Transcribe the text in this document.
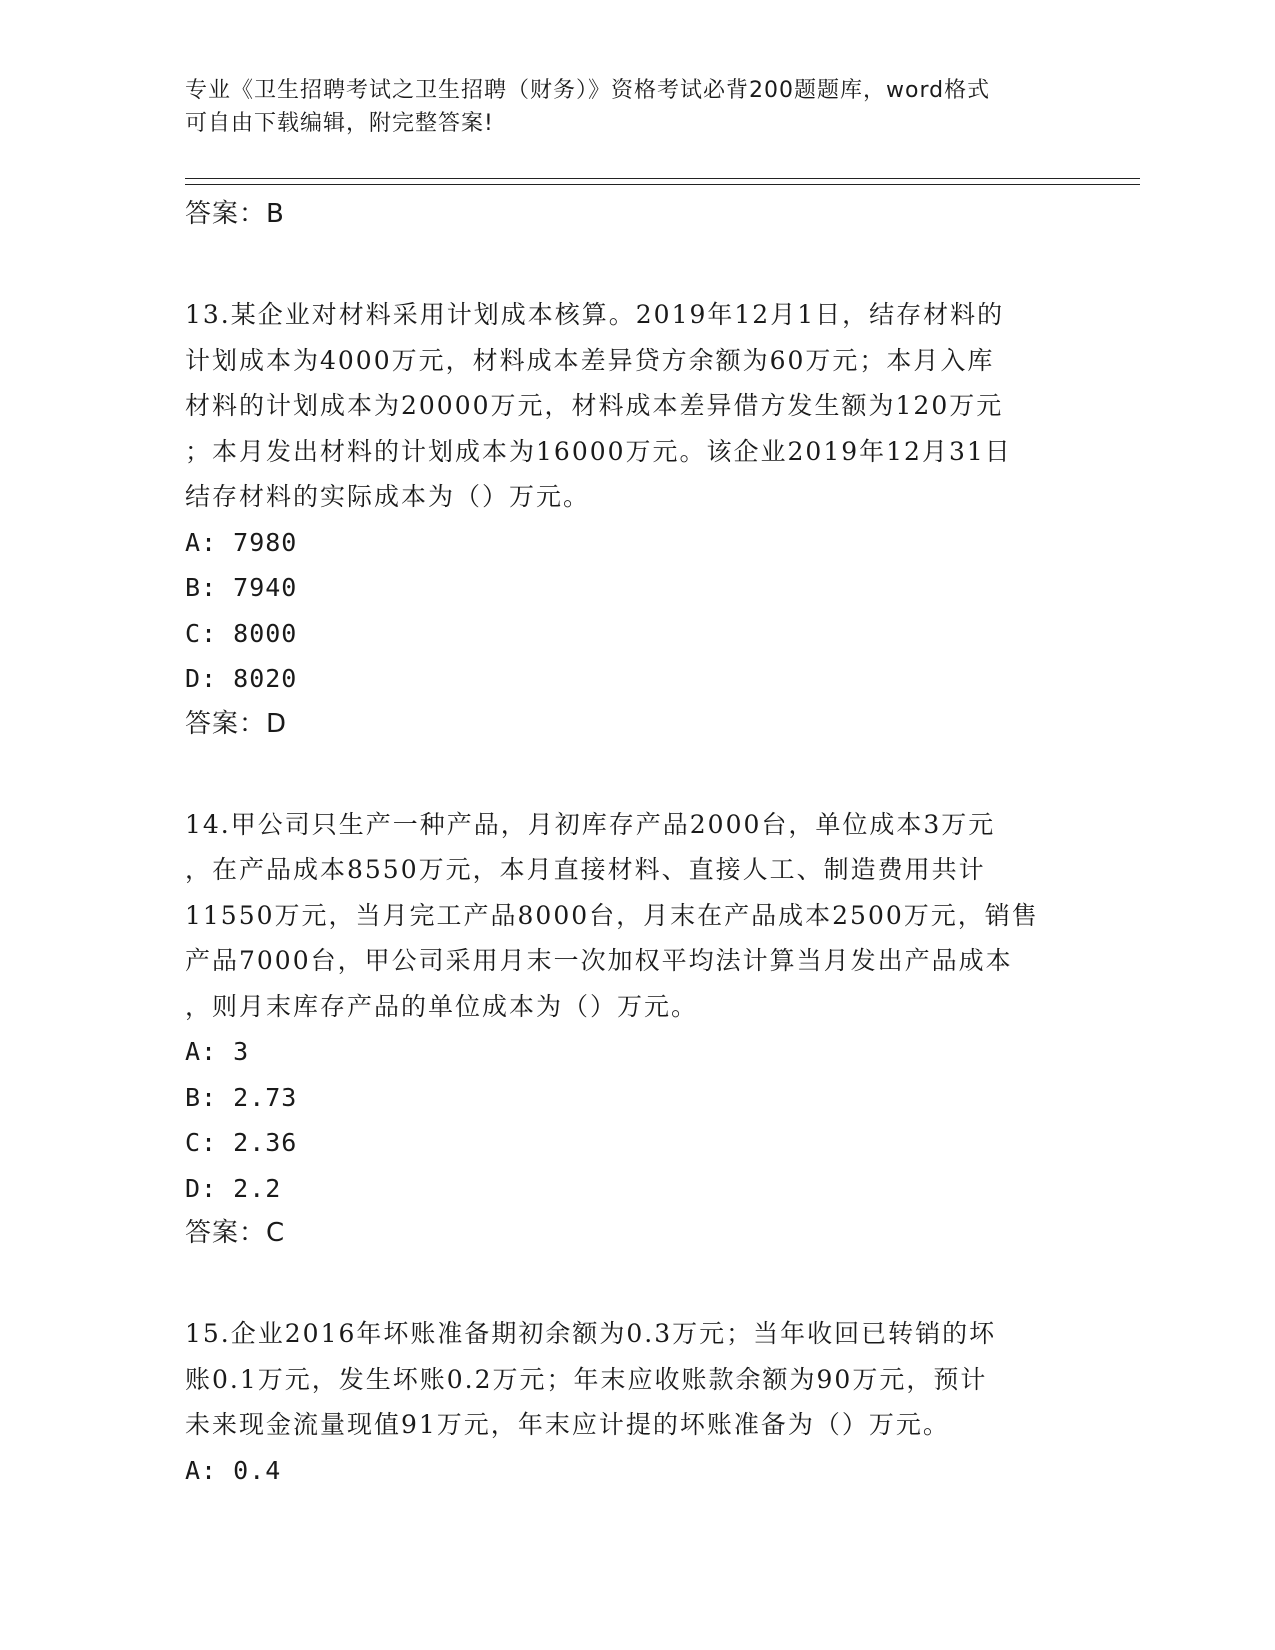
专业《卫生招聘考试之卫生招聘（财务）》资格考试必背200题题库，word格式
可自由下载编辑，附完整答案!
答案：B
13.某企业对材料采用计划成本核算。2019年12月1日，结存材料的
计划成本为4000万元，材料成本差异贷方余额为60万元；本月入库
材料的计划成本为20000万元，材料成本差异借方发生额为120万元
；本月发出材料的计划成本为16000万元。该企业2019年12月31日
结存材料的实际成本为（）万元。
A: 7980
B: 7940
C: 8000
D: 8020
答案：D
14.甲公司只生产一种产品，月初库存产品2000台，单位成本3万元
，在产品成本8550万元，本月直接材料、直接人工、制造费用共计
11550万元，当月完工产品8000台，月末在产品成本2500万元，销售
产品7000台，甲公司采用月末一次加权平均法计算当月发出产品成本
，则月末库存产品的单位成本为（）万元。
A: 3
B: 2.73
C: 2.36
D: 2.2
答案：C
15.企业2016年坏账准备期初余额为0.3万元；当年收回已转销的坏
账0.1万元，发生坏账0.2万元；年末应收账款余额为90万元，预计
未来现金流量现值91万元，年末应计提的坏账准备为（）万元。
A: 0.4
